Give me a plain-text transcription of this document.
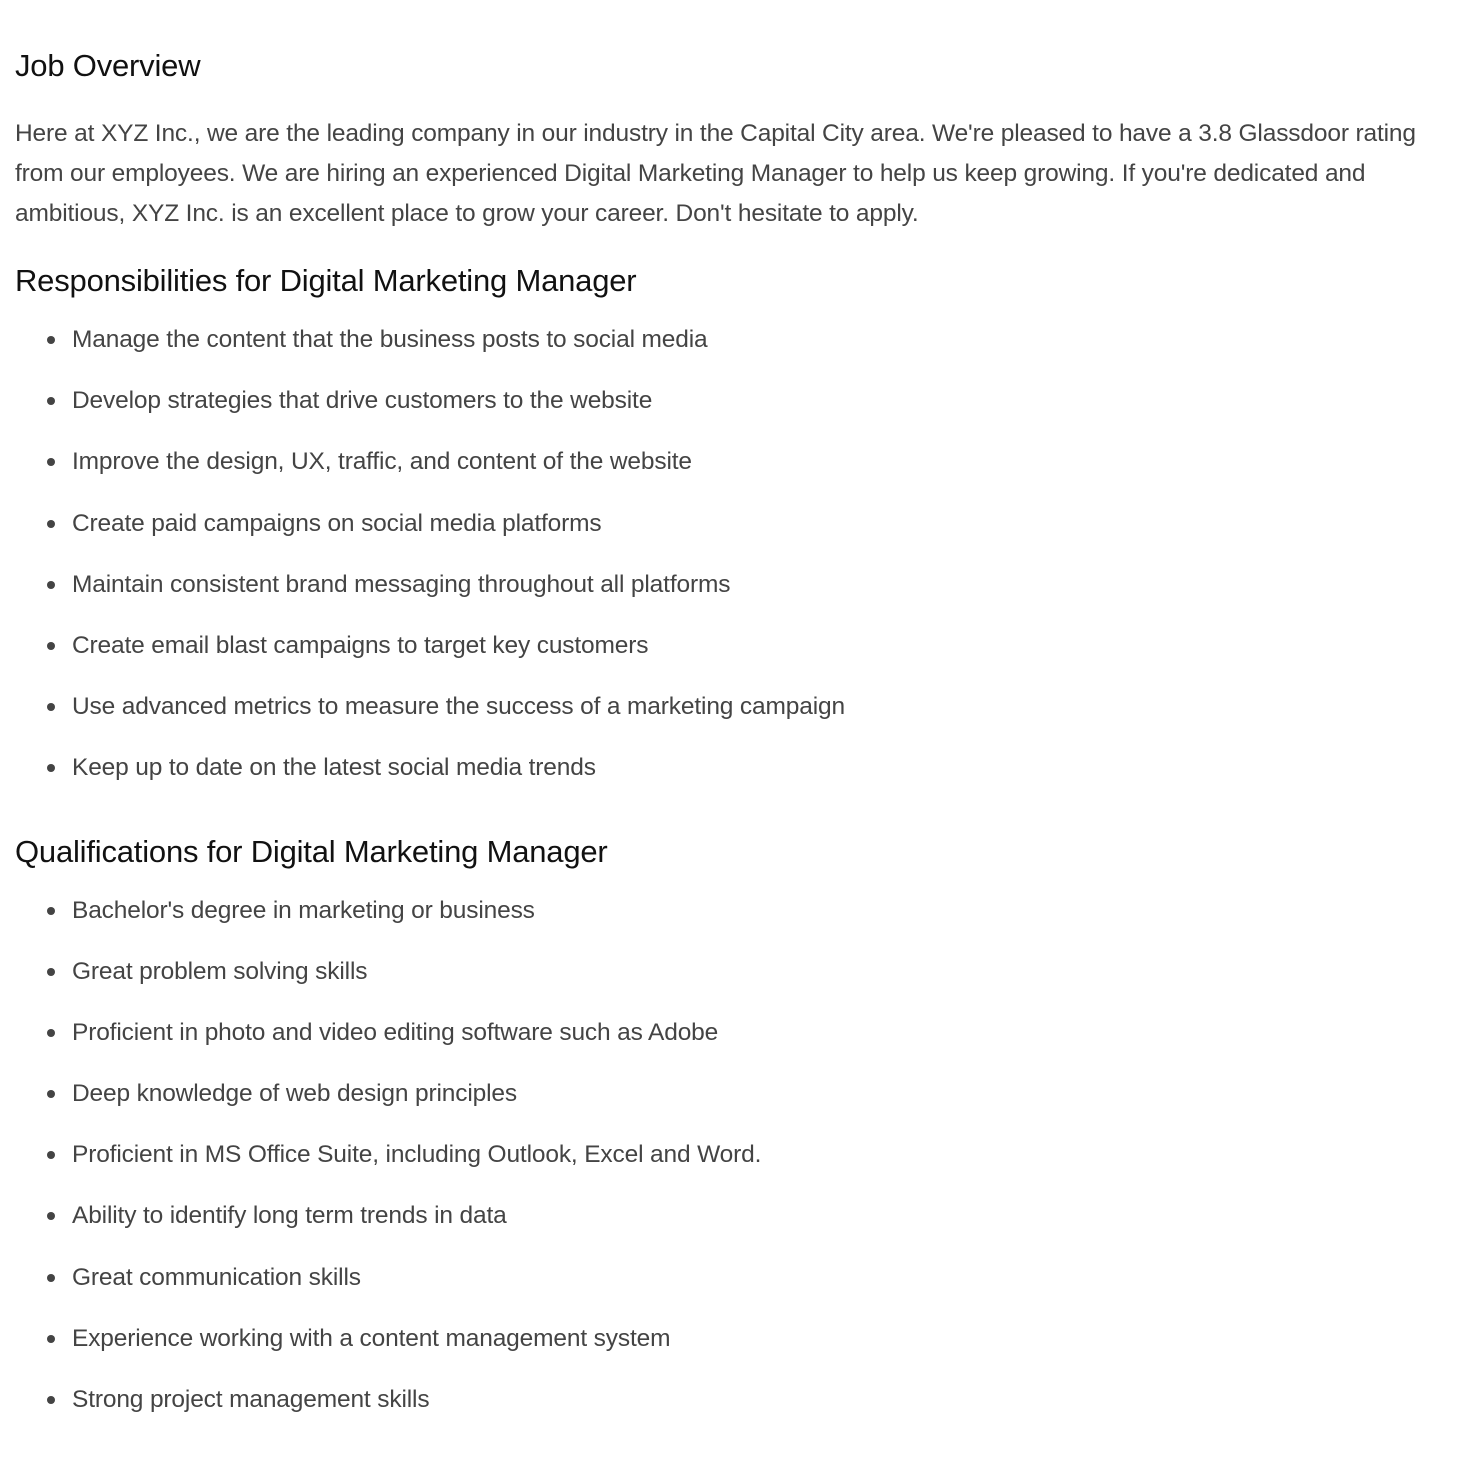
Job Overview

Here at XYZ Inc., we are the leading company in our industry in the Capital City area. We're pleased to have a 3.8 Glassdoor rating from our employees. We are hiring an experienced Digital Marketing Manager to help us keep growing. If you're dedicated and ambitious, XYZ Inc. is an excellent place to grow your career. Don't hesitate to apply.

Responsibilities for Digital Marketing Manager
Manage the content that the business posts to social media
Develop strategies that drive customers to the website
Improve the design, UX, traffic, and content of the website
Create paid campaigns on social media platforms
Maintain consistent brand messaging throughout all platforms
Create email blast campaigns to target key customers
Use advanced metrics to measure the success of a marketing campaign
Keep up to date on the latest social media trends
Qualifications for Digital Marketing Manager
Bachelor's degree in marketing or business
Great problem solving skills
Proficient in photo and video editing software such as Adobe
Deep knowledge of web design principles
Proficient in MS Office Suite, including Outlook, Excel and Word.
Ability to identify long term trends in data
Great communication skills
Experience working with a content management system
Strong project management skills
